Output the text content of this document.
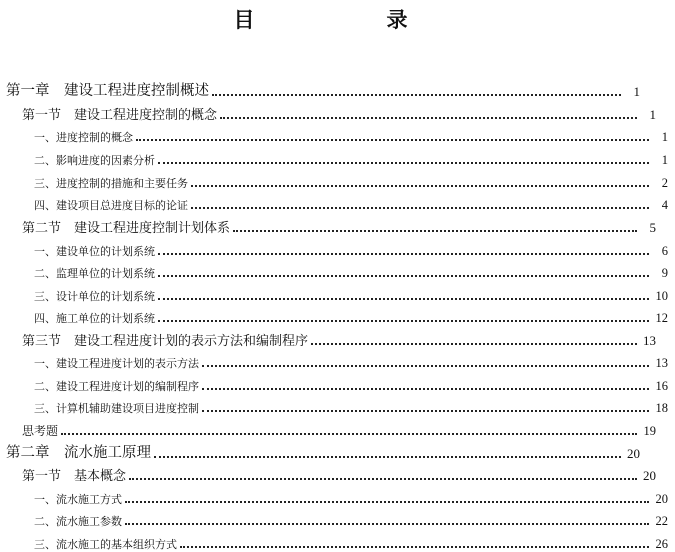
目　　录
第一章　建设工程进度控制概述	1
第一节　建设工程进度控制的概念	1
一、进度控制的概念	1
二、影响进度的因素分析	1
三、进度控制的措施和主要任务	2
四、建设项目总进度目标的论证	4
第二节　建设工程进度控制计划体系	5
一、建设单位的计划系统	6
二、监理单位的计划系统	9
三、设计单位的计划系统	10
四、施工单位的计划系统	12
第三节　建设工程进度计划的表示方法和编制程序	13
一、建设工程进度计划的表示方法	13
二、建设工程进度计划的编制程序	16
三、计算机辅助建设项目进度控制	18
思考题	19
第二章　流水施工原理	20
第一节　基本概念	20
一、流水施工方式	20
二、流水施工参数	22
三、流水施工的基本组织方式	26
